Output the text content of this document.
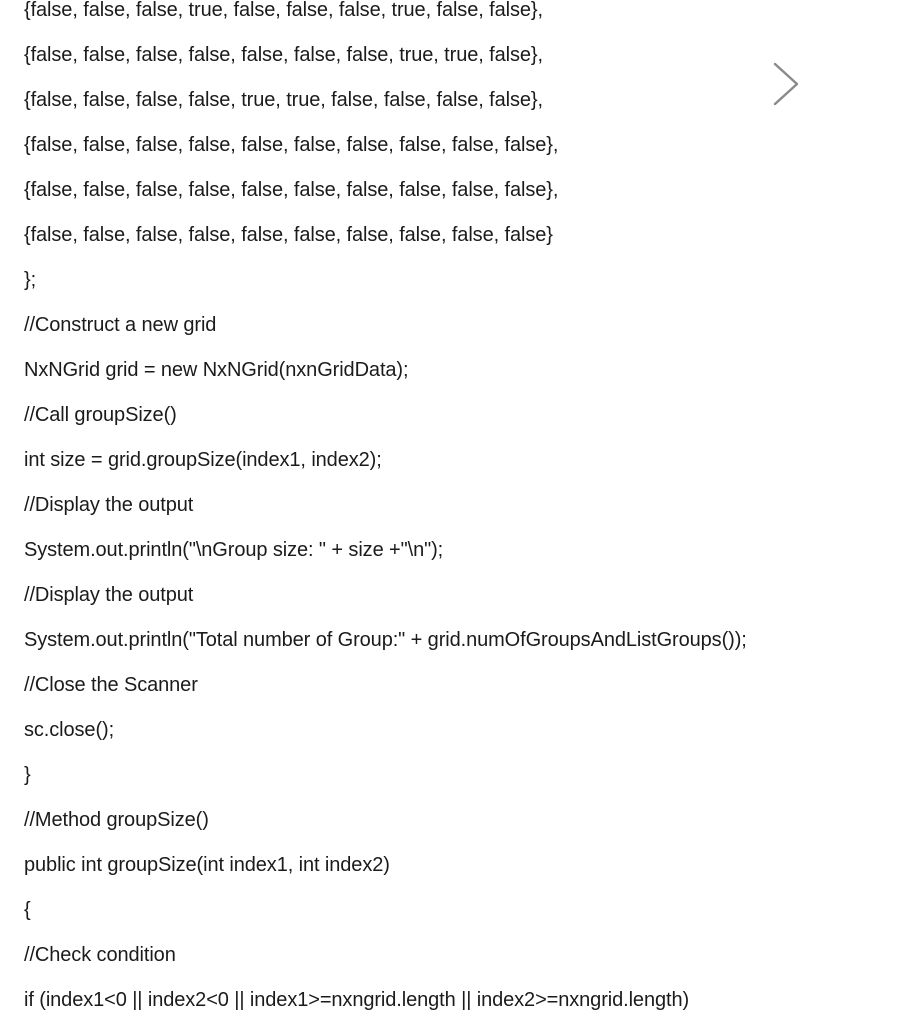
{false, false, false, true, false, false, false, true, false, false},

{false, false, false, false, false, false, false, true, true, false},

{false, false, false, false, true, true, false, false, false, false},

{false, false, false, false, false, false, false, false, false, false},

{false, false, false, false, false, false, false, false, false, false},

{false, false, false, false, false, false, false, false, false, false}

};

//Construct a new grid

NxNGrid grid = new NxNGrid(nxnGridData);

//Call groupSize()

int size = grid.groupSize(index1, index2);

//Display the output

System.out.println("\nGroup size: " + size +"\n");

//Display the output

System.out.println("Total number of Group:" + grid.numOfGroupsAndListGroups());

//Close the Scanner

sc.close();

}

//Method groupSize()

public int groupSize(int index1, int index2)

{

//Check condition

if (index1<0 || index2<0 || index1>=nxngrid.length || index2>=nxngrid.length)
